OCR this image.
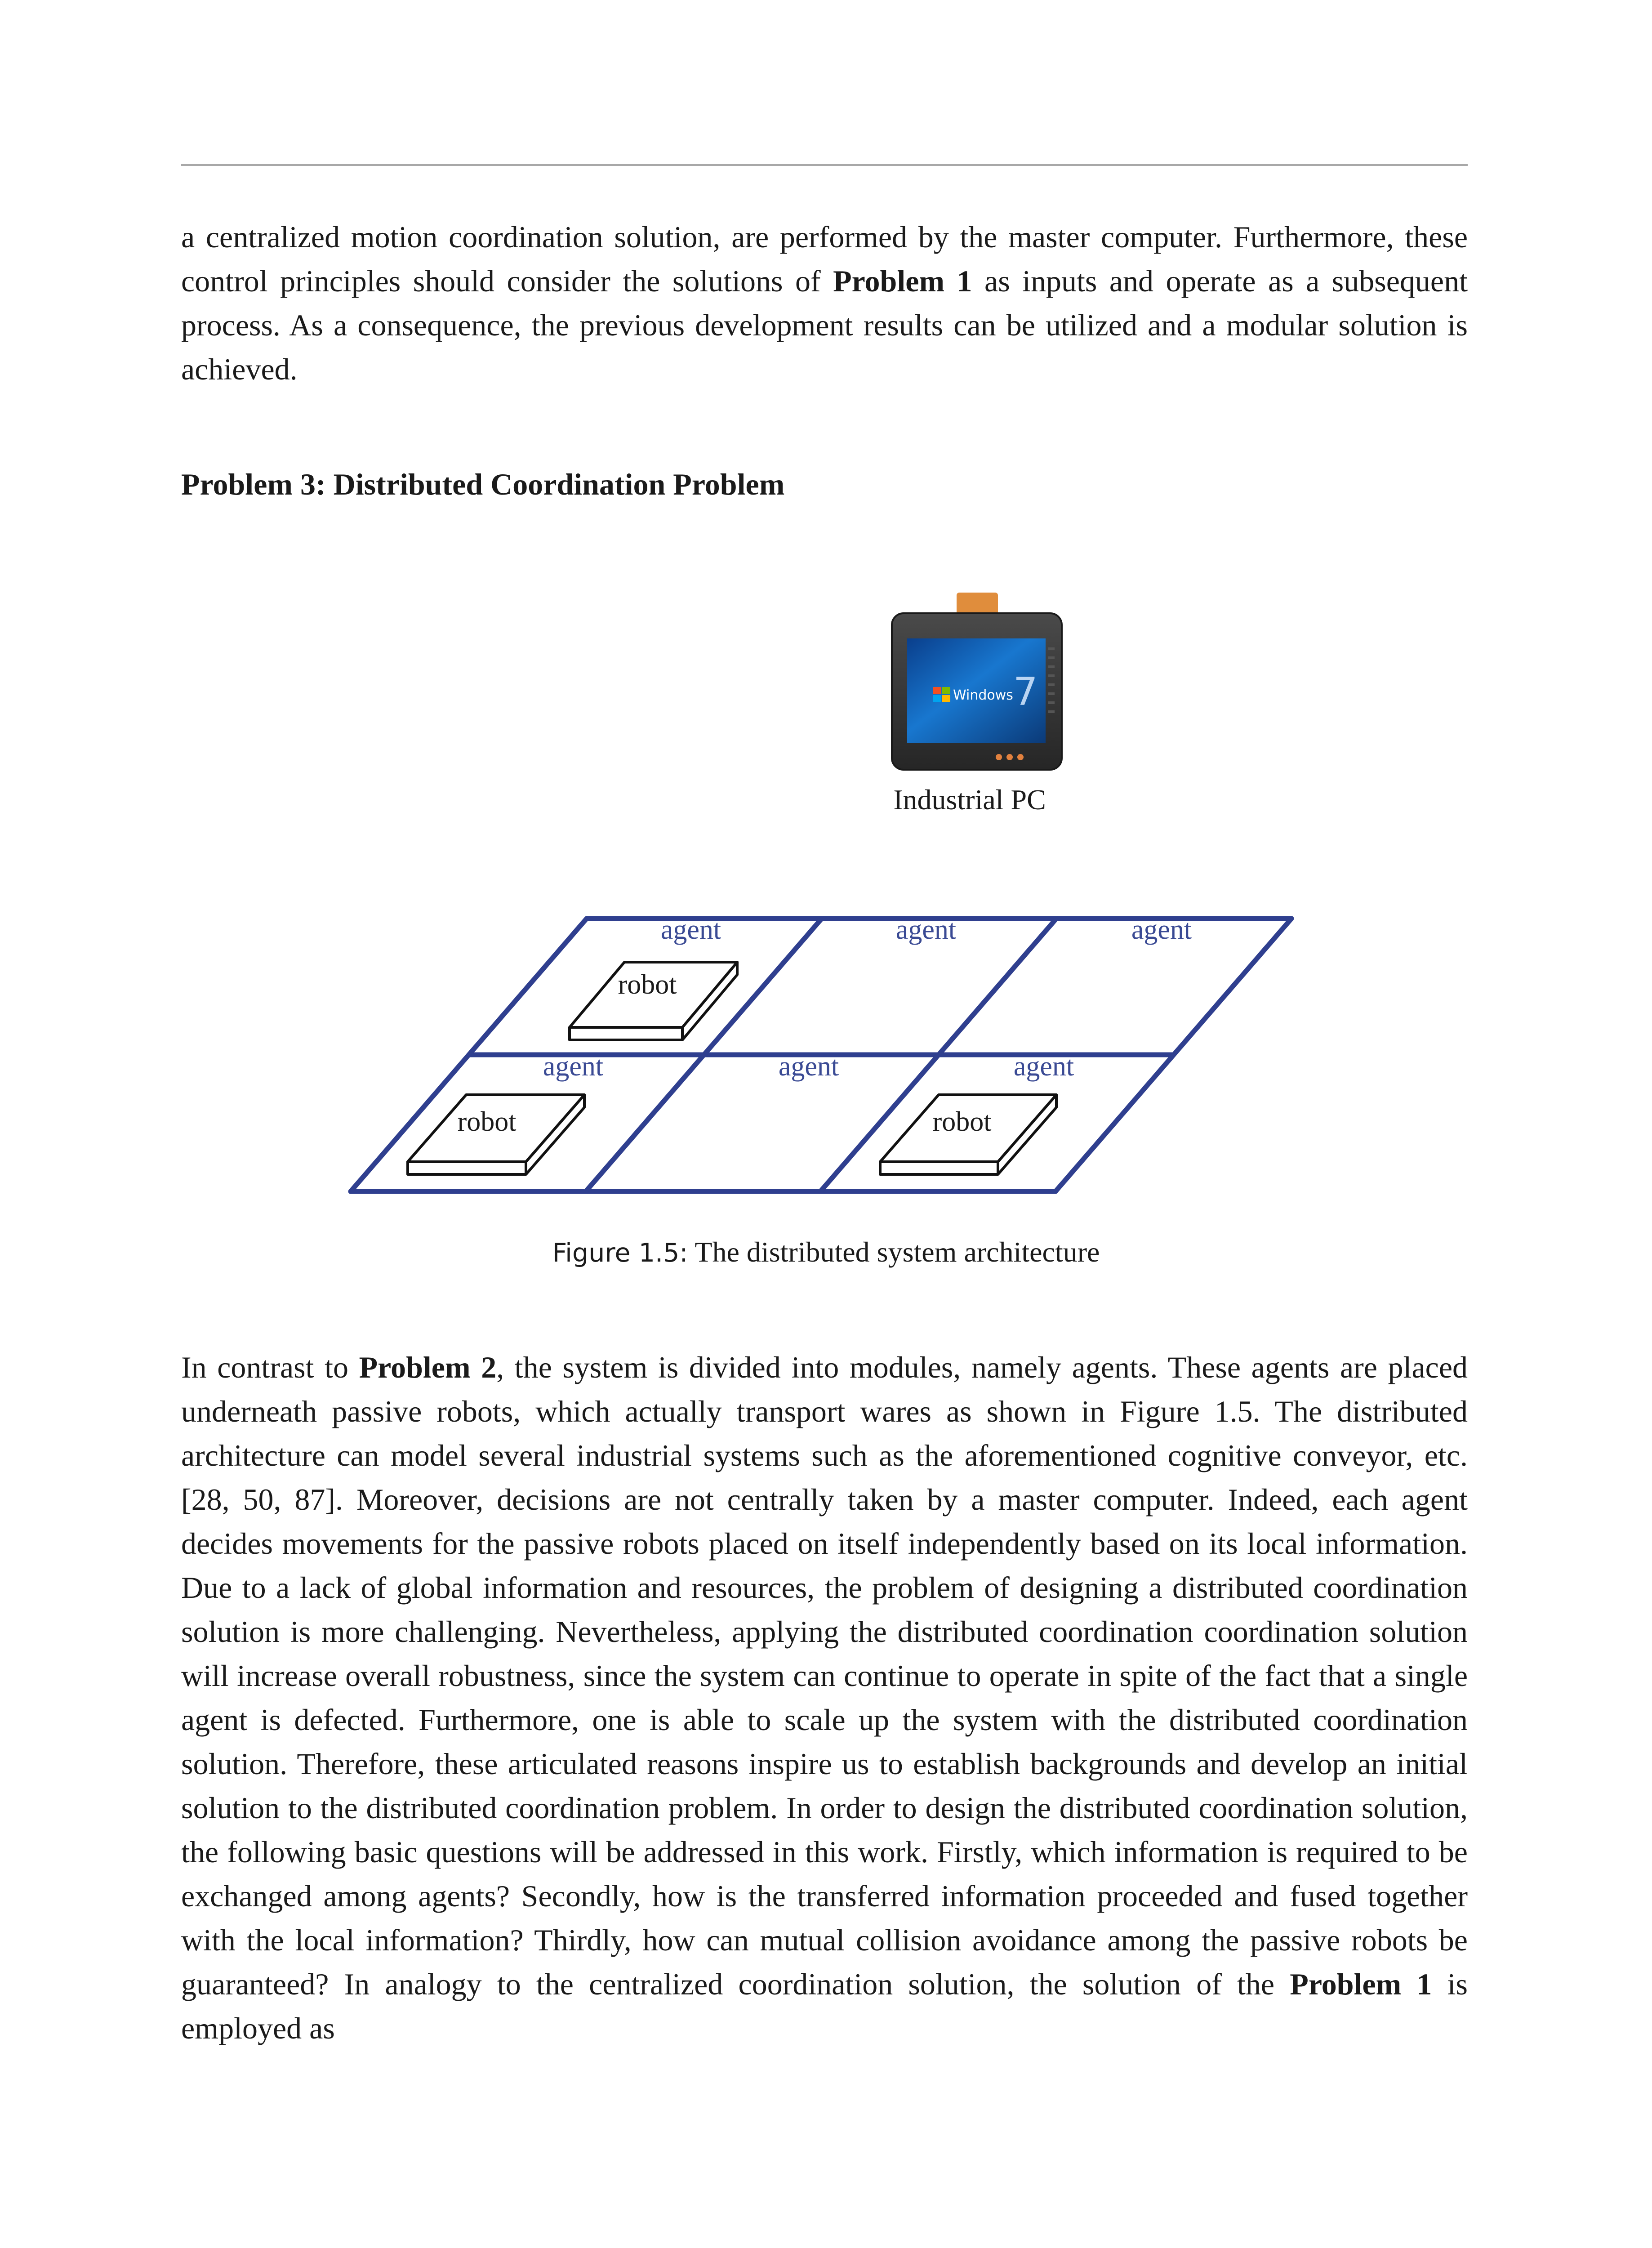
a centralized motion coordination solution, are performed by the master computer. Furthermore, these control principles should consider the solutions of Problem 1 as inputs and operate as a subsequent process. As a consequence, the previous development results can be utilized and a modular solution is achieved.

Problem 3: Distributed Coordination Problem
Windows 7
Industrial PC
agent	agent	agent
agent	agent	agent
robot
robot	robot

Figure 1.5: The distributed system architecture

In contrast to Problem 2, the system is divided into modules, namely agents. These agents are placed underneath passive robots, which actually transport wares as shown in Figure 1.5. The distributed architecture can model several industrial systems such as the aforementioned cognitive conveyor, etc. [28, 50, 87]. Moreover, decisions are not centrally taken by a master computer. Indeed, each agent decides movements for the passive robots placed on itself independently based on its local information. Due to a lack of global information and resources, the problem of designing a distributed coordination solution is more challenging. Nevertheless, applying the distributed coordination coordination solution will increase overall robustness, since the system can continue to operate in spite of the fact that a single agent is defected. Furthermore, one is able to scale up the system with the distributed coordination solution. Therefore, these articulated reasons inspire us to establish backgrounds and develop an initial solution to the distributed coordination problem. In order to design the distributed coordination solution, the following basic questions will be addressed in this work. Firstly, which information is required to be exchanged among agents? Secondly, how is the transferred information proceeded and fused together with the local information? Thirdly, how can mutual collision avoidance among the passive robots be guaranteed? In analogy to the centralized coordination solution, the solution of the Problem 1 is employed as
